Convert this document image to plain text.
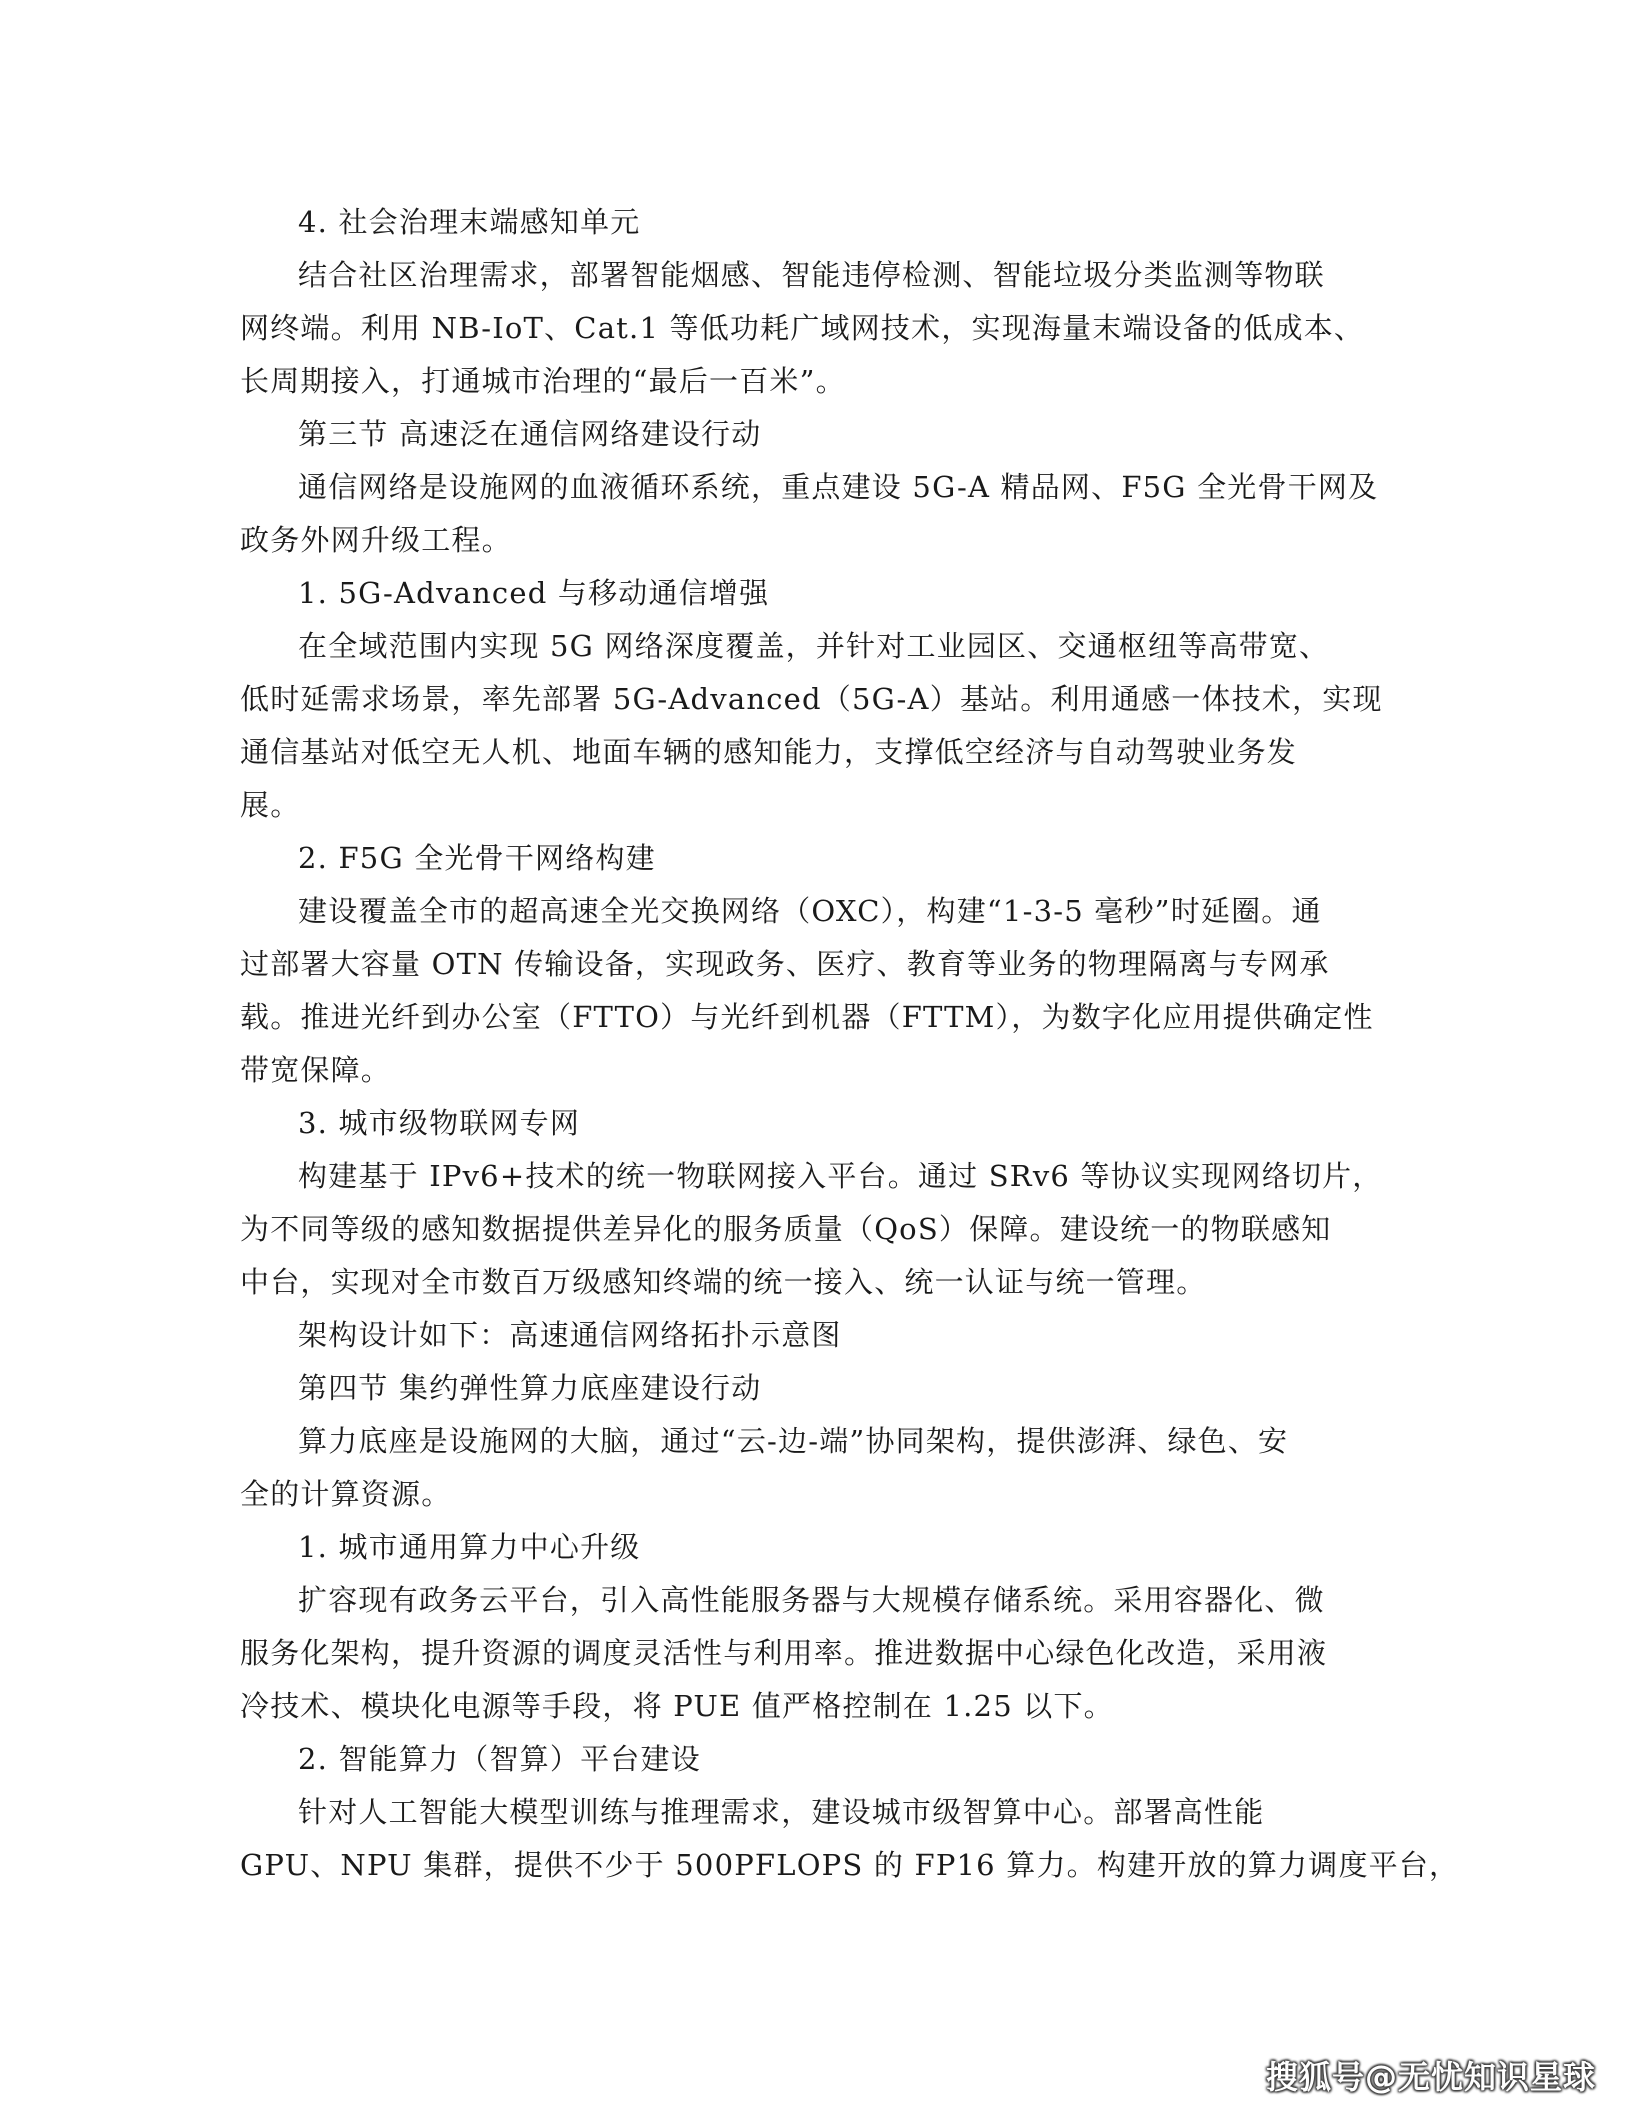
4. 社会治理末端感知单元
结合社区治理需求，部署智能烟感、智能违停检测、智能垃圾分类监测等物联
网终端。利用 NB-IoT、Cat.1 等低功耗广域网技术，实现海量末端设备的低成本、
长周期接入，打通城市治理的“最后一百米”。
第三节 高速泛在通信网络建设行动
通信网络是设施网的血液循环系统，重点建设 5G-A 精品网、F5G 全光骨干网及
政务外网升级工程。
1. 5G-Advanced 与移动通信增强
在全域范围内实现 5G 网络深度覆盖，并针对工业园区、交通枢纽等高带宽、
低时延需求场景，率先部署 5G-Advanced（5G-A）基站。利用通感一体技术，实现
通信基站对低空无人机、地面车辆的感知能力，支撑低空经济与自动驾驶业务发
展。
2. F5G 全光骨干网络构建
建设覆盖全市的超高速全光交换网络（OXC），构建“1-3-5 毫秒”时延圈。通
过部署大容量 OTN 传输设备，实现政务、医疗、教育等业务的物理隔离与专网承
载。推进光纤到办公室（FTTO）与光纤到机器（FTTM），为数字化应用提供确定性
带宽保障。
3. 城市级物联网专网
构建基于 IPv6+技术的统一物联网接入平台。通过 SRv6 等协议实现网络切片，
为不同等级的感知数据提供差异化的服务质量（QoS）保障。建设统一的物联感知
中台，实现对全市数百万级感知终端的统一接入、统一认证与统一管理。
架构设计如下：高速通信网络拓扑示意图
第四节 集约弹性算力底座建设行动
算力底座是设施网的大脑，通过“云-边-端”协同架构，提供澎湃、绿色、安
全的计算资源。
1. 城市通用算力中心升级
扩容现有政务云平台，引入高性能服务器与大规模存储系统。采用容器化、微
服务化架构，提升资源的调度灵活性与利用率。推进数据中心绿色化改造，采用液
冷技术、模块化电源等手段，将 PUE 值严格控制在 1.25 以下。
2. 智能算力（智算）平台建设
针对人工智能大模型训练与推理需求，建设城市级智算中心。部署高性能
GPU、NPU 集群，提供不少于 500PFLOPS 的 FP16 算力。构建开放的算力调度平台，
搜狐号@无忧知识星球
